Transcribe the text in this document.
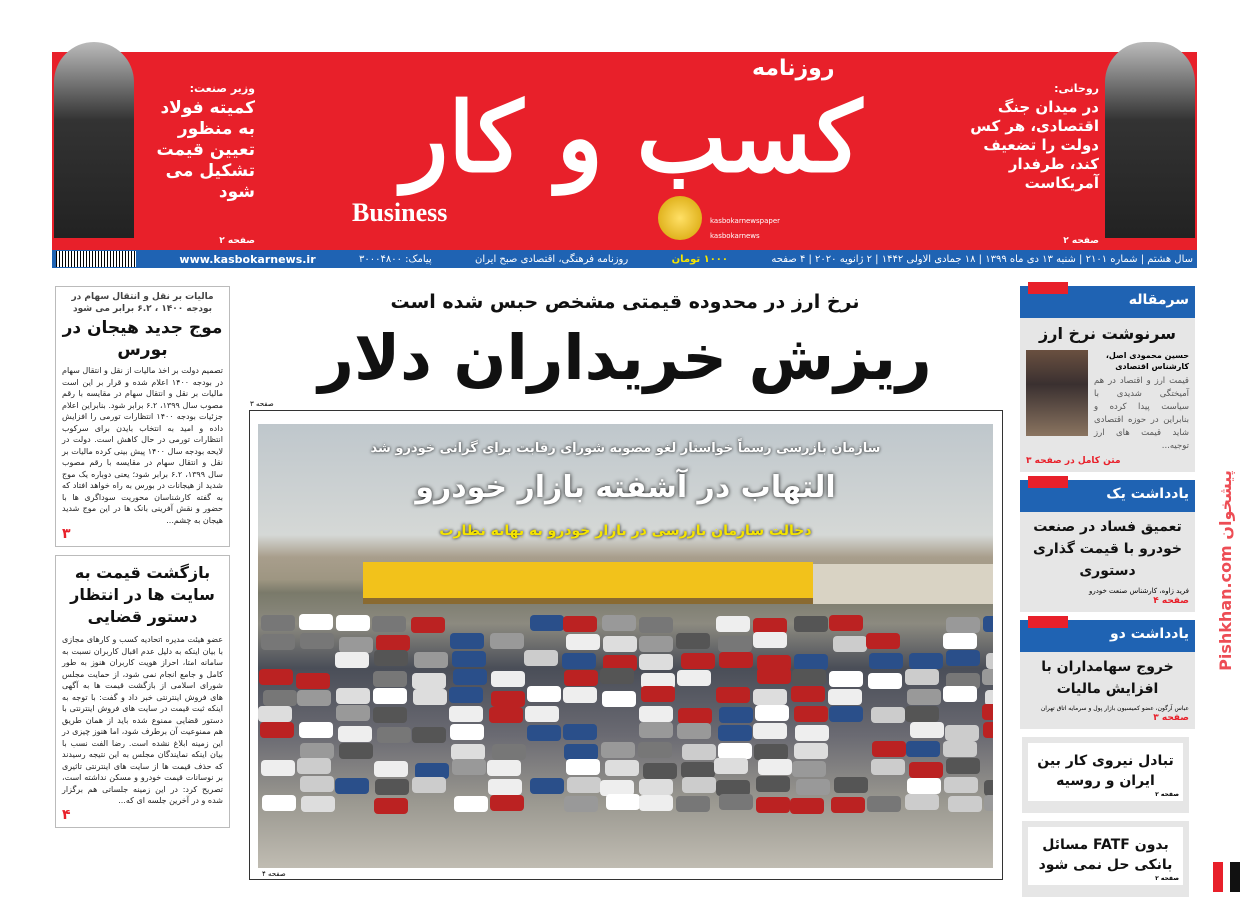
وزیر صنعت:
کمیته فولاد به منظور تعیین قیمت تشکیل می شود
صفحه ۲
روزنامه
کسب و کار
Business	kasbokarnewspaper
kasbokarnews
روحانی:
در میدان جنگ اقتصادی، هر کس دولت را تضعیف کند، طرفدار آمریکاست
صفحه ۲
سال هشتم | شماره ۲۱۰۱ | شنبه ۱۳ دی ماه ۱۳۹۹ | ۱۸ جمادی الاولی ۱۴۴۲ | ۲ ژانویه ۲۰۲۰ | ۴ صفحه
۱۰۰۰ تومان
روزنامه فرهنگی، اقتصادی صبح ایران
پیامک: ۳۰۰۰۴۸۰۰
www.kasbokarnews.ir
مالیات بر نقل و انتقال سهام در بودجه ۱۴۰۰ ، ۶.۲ برابر می شود
موج جدید هیجان در بورس
تصمیم دولت بر اخذ مالیات از نقل و انتقال سهام در بودجه ۱۴۰۰ اعلام شده و قرار بر این است مالیات بر نقل و انتقال سهام در مقایسه با رقم مصوب سال ۱۳۹۹، ۶.۲ برابر شود. بنابراین اعلام جزئیات بودجه ۱۴۰۰ انتظارات تورمی را افزایش داده و امید به انتخاب بایدن برای سرکوب انتظارات تورمی در حال کاهش است. دولت در لایحه بودجه سال ۱۴۰۰ پیش بینی کرده مالیات بر نقل و انتقال سهام در مقایسه با رقم مصوب سال ۱۳۹۹، ۶.۲ برابر شود؛ یعنی دوباره یک موج شدید از هیجانات در بورس به راه خواهد افتاد که به گفته کارشناسان محوریت سوداگری ها با حضور و نقش آفرینی بانک ها در این موج شدید هیجان به چشم...
۳
بازگشت قیمت به سایت ها در انتظار دستور قضایی
عضو هیئت مدیره اتحادیه کسب و کارهای مجازی با بیان اینکه به دلیل عدم اقبال کاربران نسبت به سامانه امتا، احراز هویت کاربران هنوز به طور کامل و جامع انجام نمی شود، از حمایت مجلس شورای اسلامی از بازگشت قیمت ها به آگهی های فروش اینترنتی خبر داد و گفت: با توجه به اینکه ثبت قیمت در سایت های فروش اینترنتی با دستور قضایی ممنوع شده باید از همان طریق هم ممنوعیت آن برطرف شود، اما هنوز چیزی در این زمینه ابلاغ نشده است. رضا الفت نسب با بیان اینکه نمایندگان مجلس به این نتیجه رسیدند که حذف قیمت ها از سایت های اینترنتی تاثیری بر نوسانات قیمت خودرو و مسکن نداشته است، تصریح کرد: در این زمینه جلساتی هم برگزار شده و در آخرین جلسه ای که...
۴
نرخ ارز در محدوده قیمتی مشخص حبس شده است
ریزش خریداران دلار
صفحه ۳
سازمان بازرسی رسماً خواستار لغو مصوبه شورای رقابت برای گرانی خودرو شد
التهاب در آشفته بازار خودرو
دخالت سازمان بازرسی در بازار خودرو به بهانه نظارت
صفحه ۴
سرمقاله
سرنوشت نرخ ارز
حسین محمودی اصل، کارشناس اقتصادی
قیمت ارز و اقتصاد در هم آمیختگی شدیدی با سیاست پیدا کرده و بنابراین در حوزه اقتصادی شاید قیمت های ارز توجیه...
متن کامل در صفحه ۳
یادداشت یک
تعمیق فساد در صنعت خودرو با قیمت گذاری دستوری
فرید زاوه، کارشناس صنعت خودرو
صفحه ۴
یادداشت دو
خروج سهامداران با افزایش مالیات
عباس آرگون، عضو کمیسیون بازار پول و سرمایه اتاق تهران
صفحه ۳
تبادل نیروی کار بین ایران و روسیه
صفحه ۲
بدون FATF مسائل بانکی حل نمی شود
صفحه ۲
پیشخوان Pishkhan.com
